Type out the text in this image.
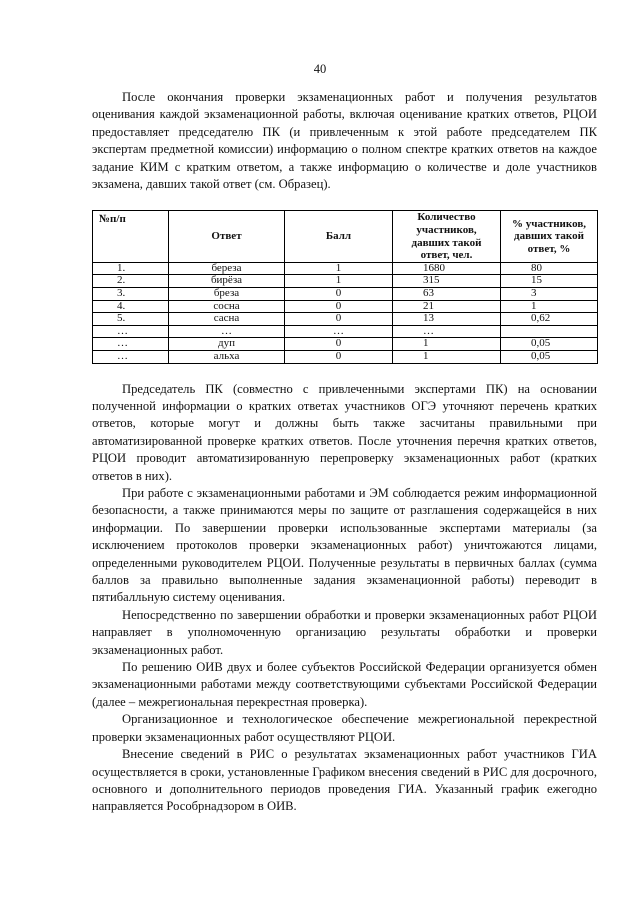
40

После окончания проверки экзаменационных работ и получения результатов оценивания каждой экзаменационной работы, включая оценивание кратких ответов, РЦОИ предоставляет председателю ПК (и привлеченным к этой работе председателем ПК экспертам предметной комиссии) информацию о полном спектре кратких ответов на каждое задание КИМ с кратким ответом, а также информацию о количестве и доле участников экзамена, давших такой ответ (см. Образец).

№п/п	Ответ	Балл	Количество участников, давших такой ответ, чел.	% участников, давших такой ответ, %
1.	береза	1	1680	80
2.	бирёза	1	315	15
3.	бреза	0	63	3
4.	сосна	0	21	1
5.	сасна	0	13	0,62
…	…	…	…	
…	дуп	0	1	0,05
…	альха	0	1	0,05

Председатель ПК (совместно с привлеченными экспертами ПК) на основании полученной информации о кратких ответах участников ОГЭ уточняют перечень кратких ответов, которые могут и должны быть также засчитаны правильными при автоматизированной проверке кратких ответов. После уточнения перечня кратких ответов, РЦОИ проводит автоматизированную перепроверку экзаменационных работ (кратких ответов в них).

При работе с экзаменационными работами и ЭМ соблюдается режим информационной безопасности, а также принимаются меры по защите от разглашения содержащейся в них информации. По завершении проверки использованные экспертами материалы (за исключением протоколов проверки экзаменационных работ) уничтожаются лицами, определенными руководителем РЦОИ. Полученные результаты в первичных баллах (сумма баллов за правильно выполненные задания экзаменационной работы) переводит в пятибалльную систему оценивания.

Непосредственно по завершении обработки и проверки экзаменационных работ РЦОИ направляет в уполномоченную организацию результаты обработки и проверки экзаменационных работ.

По решению ОИВ двух и более субъектов Российской Федерации организуется обмен экзаменационными работами между соответствующими субъектами Российской Федерации (далее – межрегиональная перекрестная проверка).

Организационное и технологическое обеспечение межрегиональной перекрестной проверки экзаменационных работ осуществляют РЦОИ.

Внесение сведений в РИС о результатах экзаменационных работ участников ГИА осуществляется в сроки, установленные Графиком внесения сведений в РИС для досрочного, основного и дополнительного периодов проведения ГИА. Указанный график ежегодно направляется Рособрнадзором в ОИВ.
